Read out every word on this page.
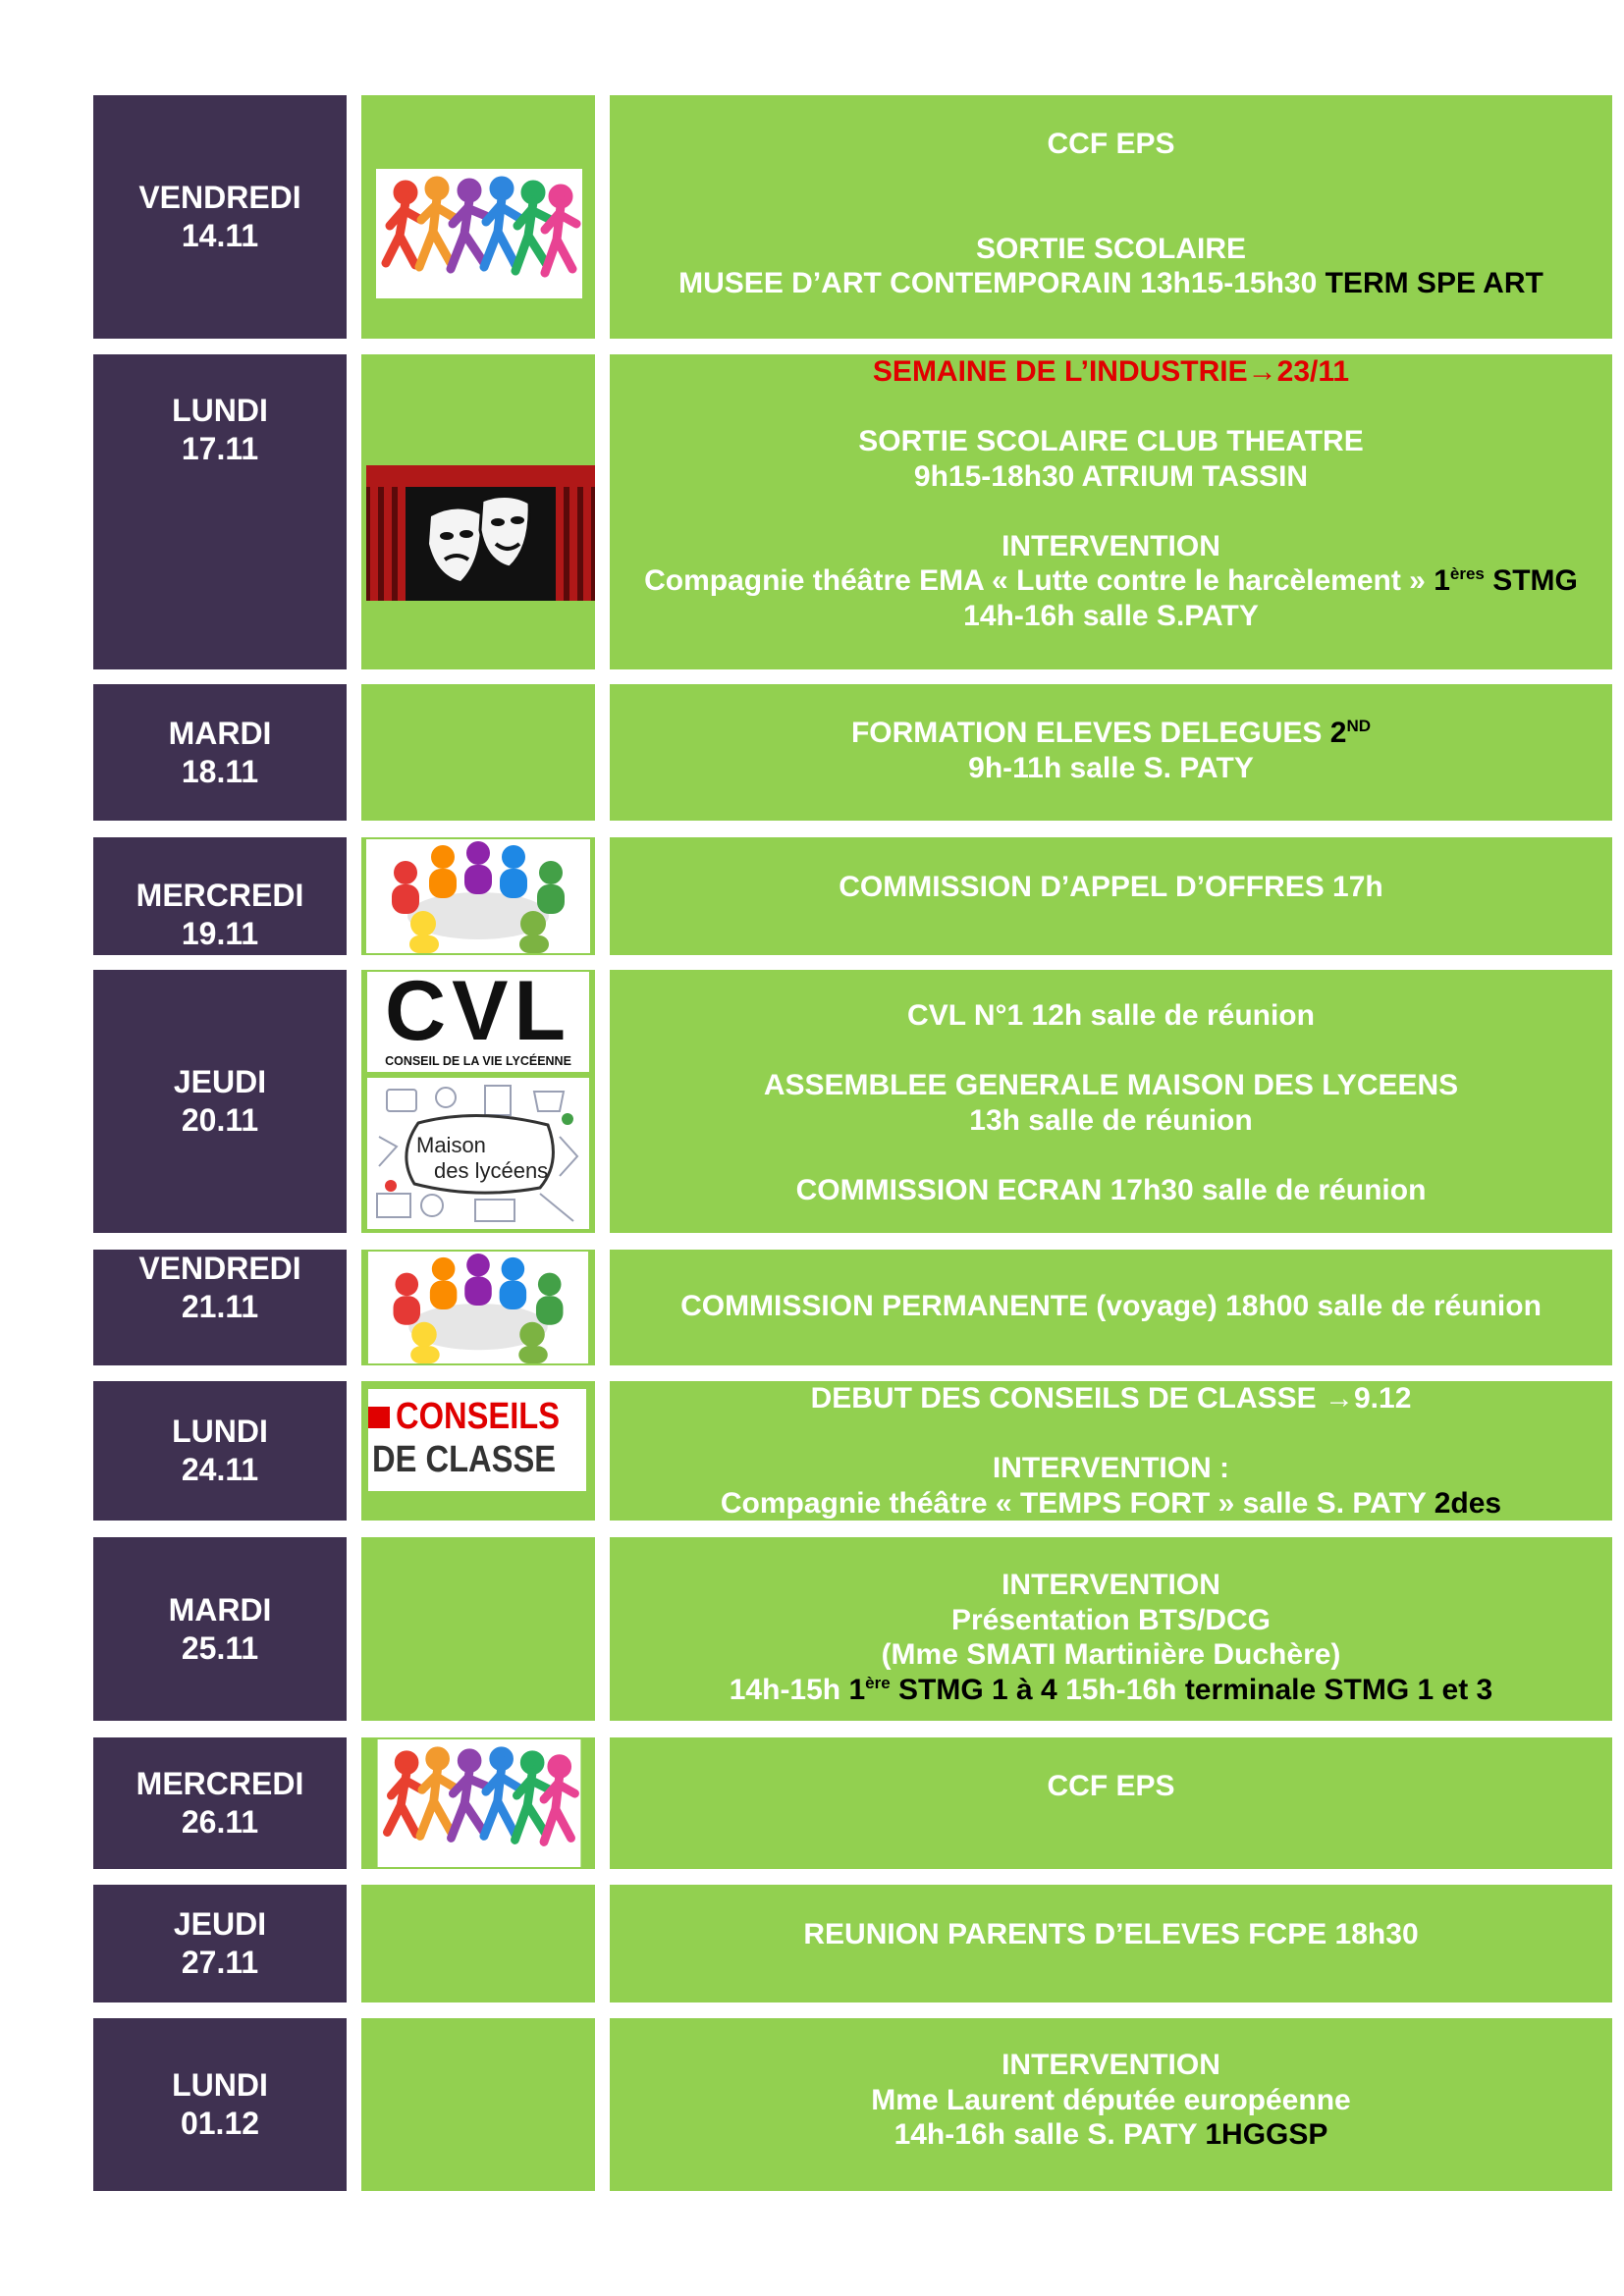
VENDREDI
14.11
CCF EPS
SORTIE SCOLAIRE
MUSEE D’ART CONTEMPORAIN 13h15-15h30 TERM SPE ART
LUNDI
17.11
SEMAINE DE L’INDUSTRIE→23/11
SORTIE SCOLAIRE CLUB THEATRE
9h15-18h30 ATRIUM TASSIN
INTERVENTION
Compagnie théâtre EMA « Lutte contre le harcèlement » 1ères STMG
14h-16h salle S.PATY
MARDI
18.11
FORMATION ELEVES DELEGUES 2ND
9h-11h salle S. PATY
MERCREDI
19.11
COMMISSION D’APPEL D’OFFRES 17h
JEUDI
20.11
CVL
CONSEIL DE LA VIE LYCÉENNE
Maison
des lycéens
CVL N°1 12h salle de réunion
ASSEMBLEE GENERALE MAISON DES LYCEENS
13h salle de réunion
COMMISSION ECRAN 17h30 salle de réunion
VENDREDI
21.11	COMMISSION PERMANENTE (voyage) 18h00 salle de réunion
LUNDI
24.11
CONSEILS
DE CLASSE
DEBUT DES CONSEILS DE CLASSE →9.12
INTERVENTION :
Compagnie théâtre « TEMPS FORT » salle S. PATY 2des
MARDI
25.11
INTERVENTION
Présentation BTS/DCG
(Mme SMATI Martinière Duchère)
14h-15h 1ère STMG 1 à 4 15h-16h terminale STMG 1 et 3
MERCREDI
26.11
CCF EPS
JEUDI
27.11
REUNION PARENTS D’ELEVES FCPE 18h30
LUNDI
01.12
INTERVENTION
Mme Laurent députée européenne
14h-16h salle S. PATY 1HGGSP
